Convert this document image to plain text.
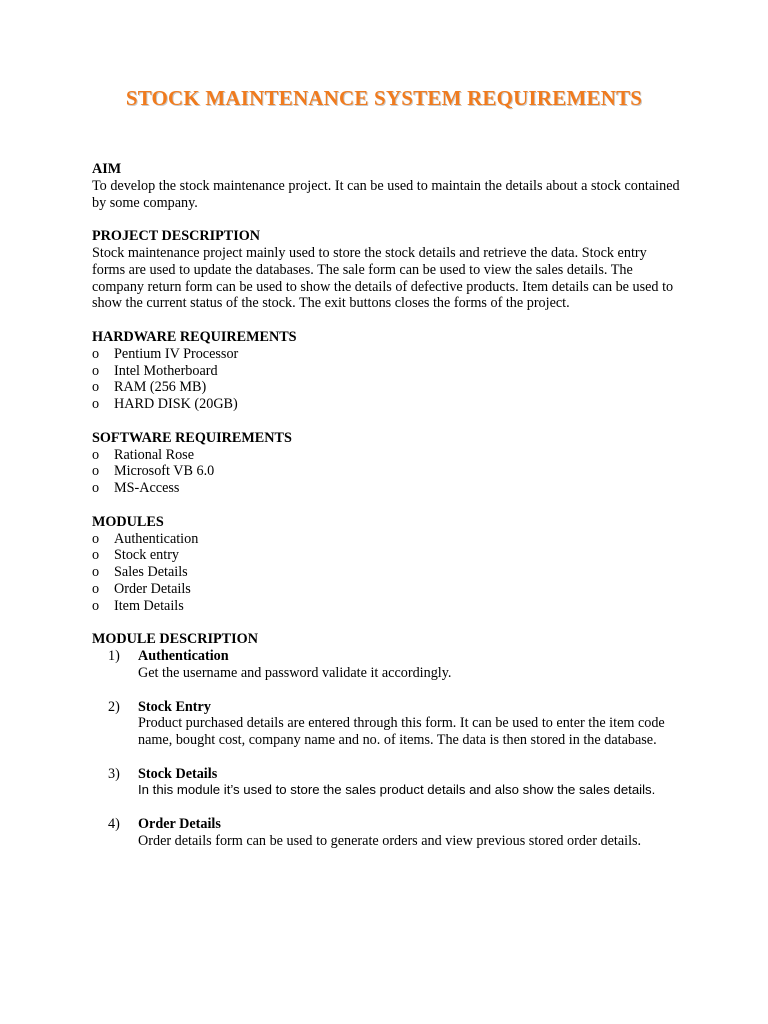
STOCK MAINTENANCE SYSTEM REQUIREMENTS

AIM

To develop the stock maintenance project. It can be used to maintain the details about a stock contained by some company.

PROJECT DESCRIPTION

Stock maintenance project mainly used to store the stock details and retrieve the data. Stock entry forms are used to update the databases. The sale form can be used to view the sales details. The company return form can be used to show the details of defective products. Item details can be used to show the current status of the stock. The exit buttons closes the forms of the project.

HARDWARE REQUIREMENTS

o Pentium IV Processor
o Intel Motherboard
o RAM (256 MB)
o HARD DISK (20GB)

SOFTWARE REQUIREMENTS

o Rational Rose
o Microsoft VB 6.0
o MS-Access

MODULES

o Authentication
o Stock entry
o Sales Details
o Order Details
o Item Details

MODULE DESCRIPTION

1) Authentication
Get the username and password validate it accordingly.
2) Stock Entry
Product purchased details are entered through this form. It can be used to enter the item code name, bought cost, company name and no. of items. The data is then stored in the database.
3) Stock Details
In this module it’s used to store the sales product details and also show the sales details.
4) Order Details
Order details form can be used to generate orders and view previous stored order details.
